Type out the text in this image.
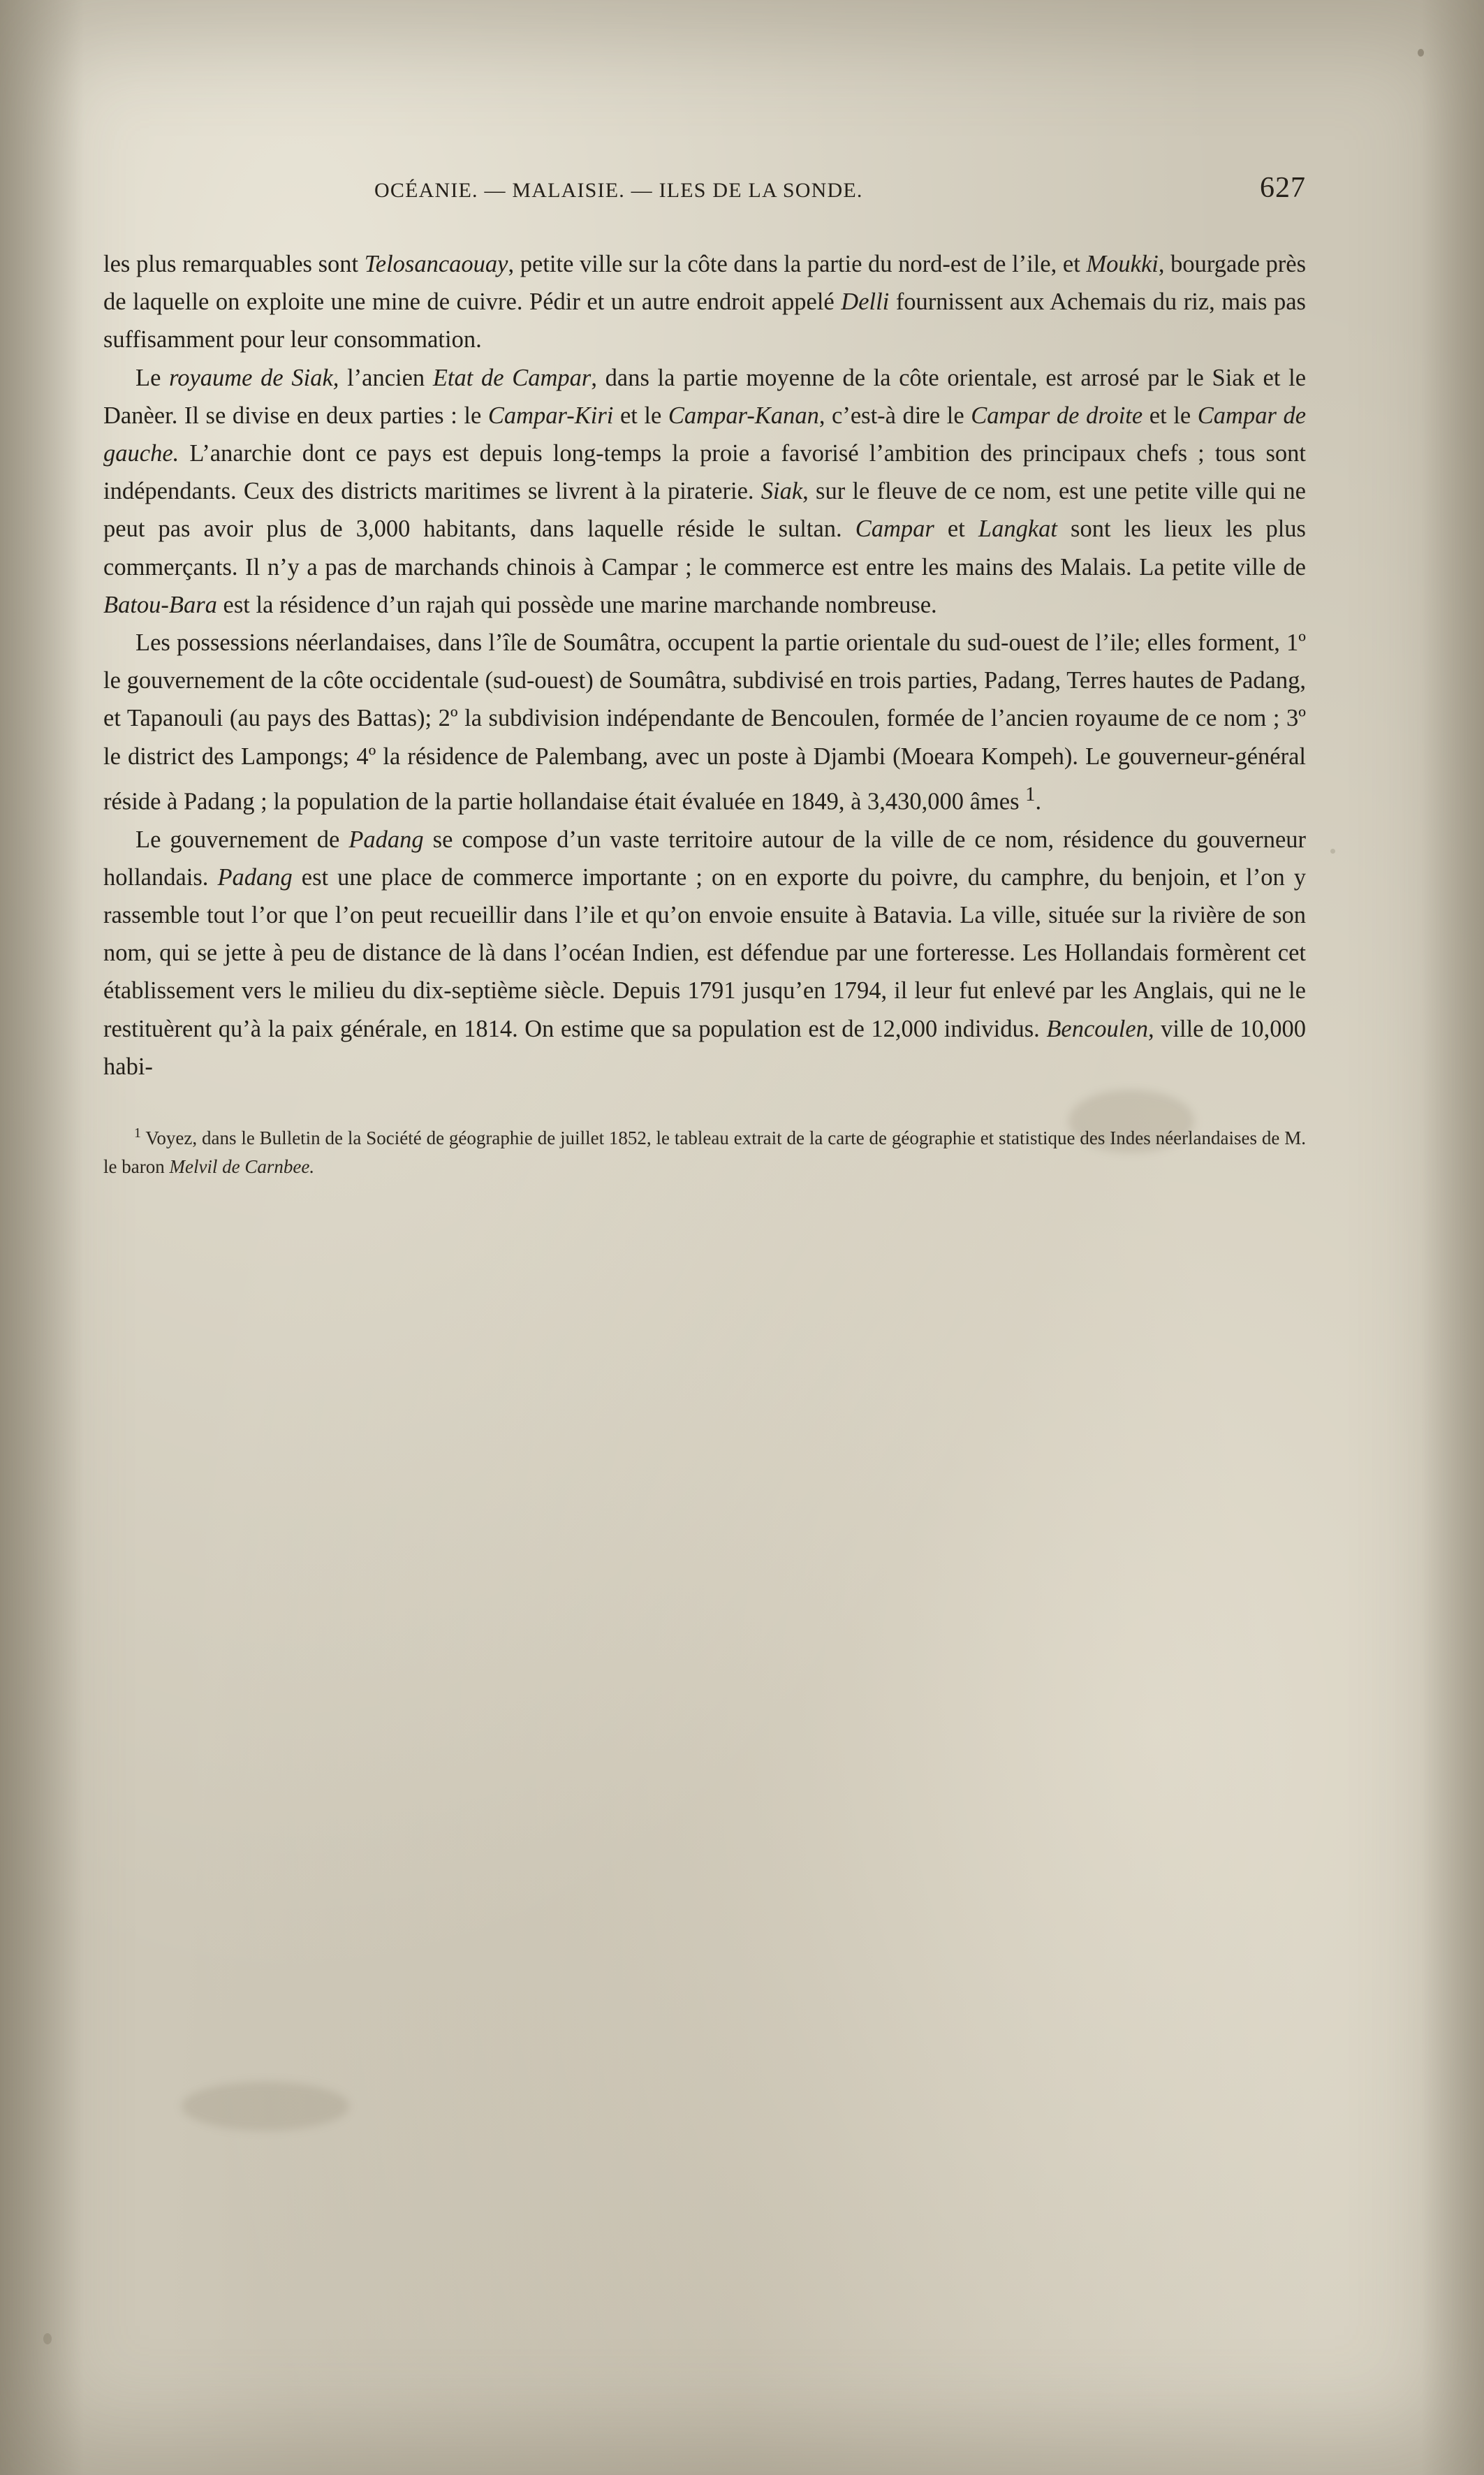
OCÉANIE. — MALAISIE. — ILES DE LA SONDE.	627

les plus remarquables sont Telosancaouay, petite ville sur la côte dans la partie du nord-est de l’ile, et Moukki, bourgade près de laquelle on exploite une mine de cuivre. Pédir et un autre endroit appelé Delli fournissent aux Achemais du riz, mais pas suffisamment pour leur consommation.

Le royaume de Siak, l’ancien Etat de Campar, dans la partie moyenne de la côte orientale, est arrosé par le Siak et le Danèer. Il se divise en deux parties : le Campar-Kiri et le Campar-Kanan, c’est-à dire le Campar de droite et le Campar de gauche. L’anarchie dont ce pays est depuis long-temps la proie a favorisé l’ambition des principaux chefs ; tous sont indépendants. Ceux des districts maritimes se livrent à la piraterie. Siak, sur le fleuve de ce nom, est une petite ville qui ne peut pas avoir plus de 3,000 habitants, dans laquelle réside le sultan. Campar et Langkat sont les lieux les plus commerçants. Il n’y a pas de marchands chinois à Campar ; le commerce est entre les mains des Malais. La petite ville de Batou-Bara est la résidence d’un rajah qui possède une marine marchande nombreuse.

Les possessions néerlandaises, dans l’île de Soumâtra, occupent la partie orientale du sud-ouest de l’ile; elles forment, 1º le gouvernement de la côte occidentale (sud-ouest) de Soumâtra, subdivisé en trois parties, Padang, Terres hautes de Padang, et Tapanouli (au pays des Battas); 2º la subdivision indépendante de Bencoulen, formée de l’ancien royaume de ce nom ; 3º le district des Lampongs; 4º la résidence de Palembang, avec un poste à Djambi (Moeara Kompeh). Le gouverneur-général réside à Padang ; la population de la partie hollandaise était évaluée en 1849, à 3,430,000 âmes $^1$.

Le gouvernement de Padang se compose d’un vaste territoire autour de la ville de ce nom, résidence du gouverneur hollandais. Padang est une place de commerce importante ; on en exporte du poivre, du camphre, du benjoin, et l’on y rassemble tout l’or que l’on peut recueillir dans l’ile et qu’on envoie ensuite à Batavia. La ville, située sur la rivière de son nom, qui se jette à peu de distance de là dans l’océan Indien, est défendue par une forteresse. Les Hollandais formèrent cet établissement vers le milieu du dix-septième siècle. Depuis 1791 jusqu’en 1794, il leur fut enlevé par les Anglais, qui ne le restituèrent qu’à la paix générale, en 1814. On estime que sa population est de 12,000 individus. Bencoulen, ville de 10,000 habi-

$^1$ Voyez, dans le Bulletin de la Société de géographie de juillet 1852, le tableau extrait de la carte de géographie et statistique des Indes néerlandaises de M. le baron Melvil de Carnbee.
